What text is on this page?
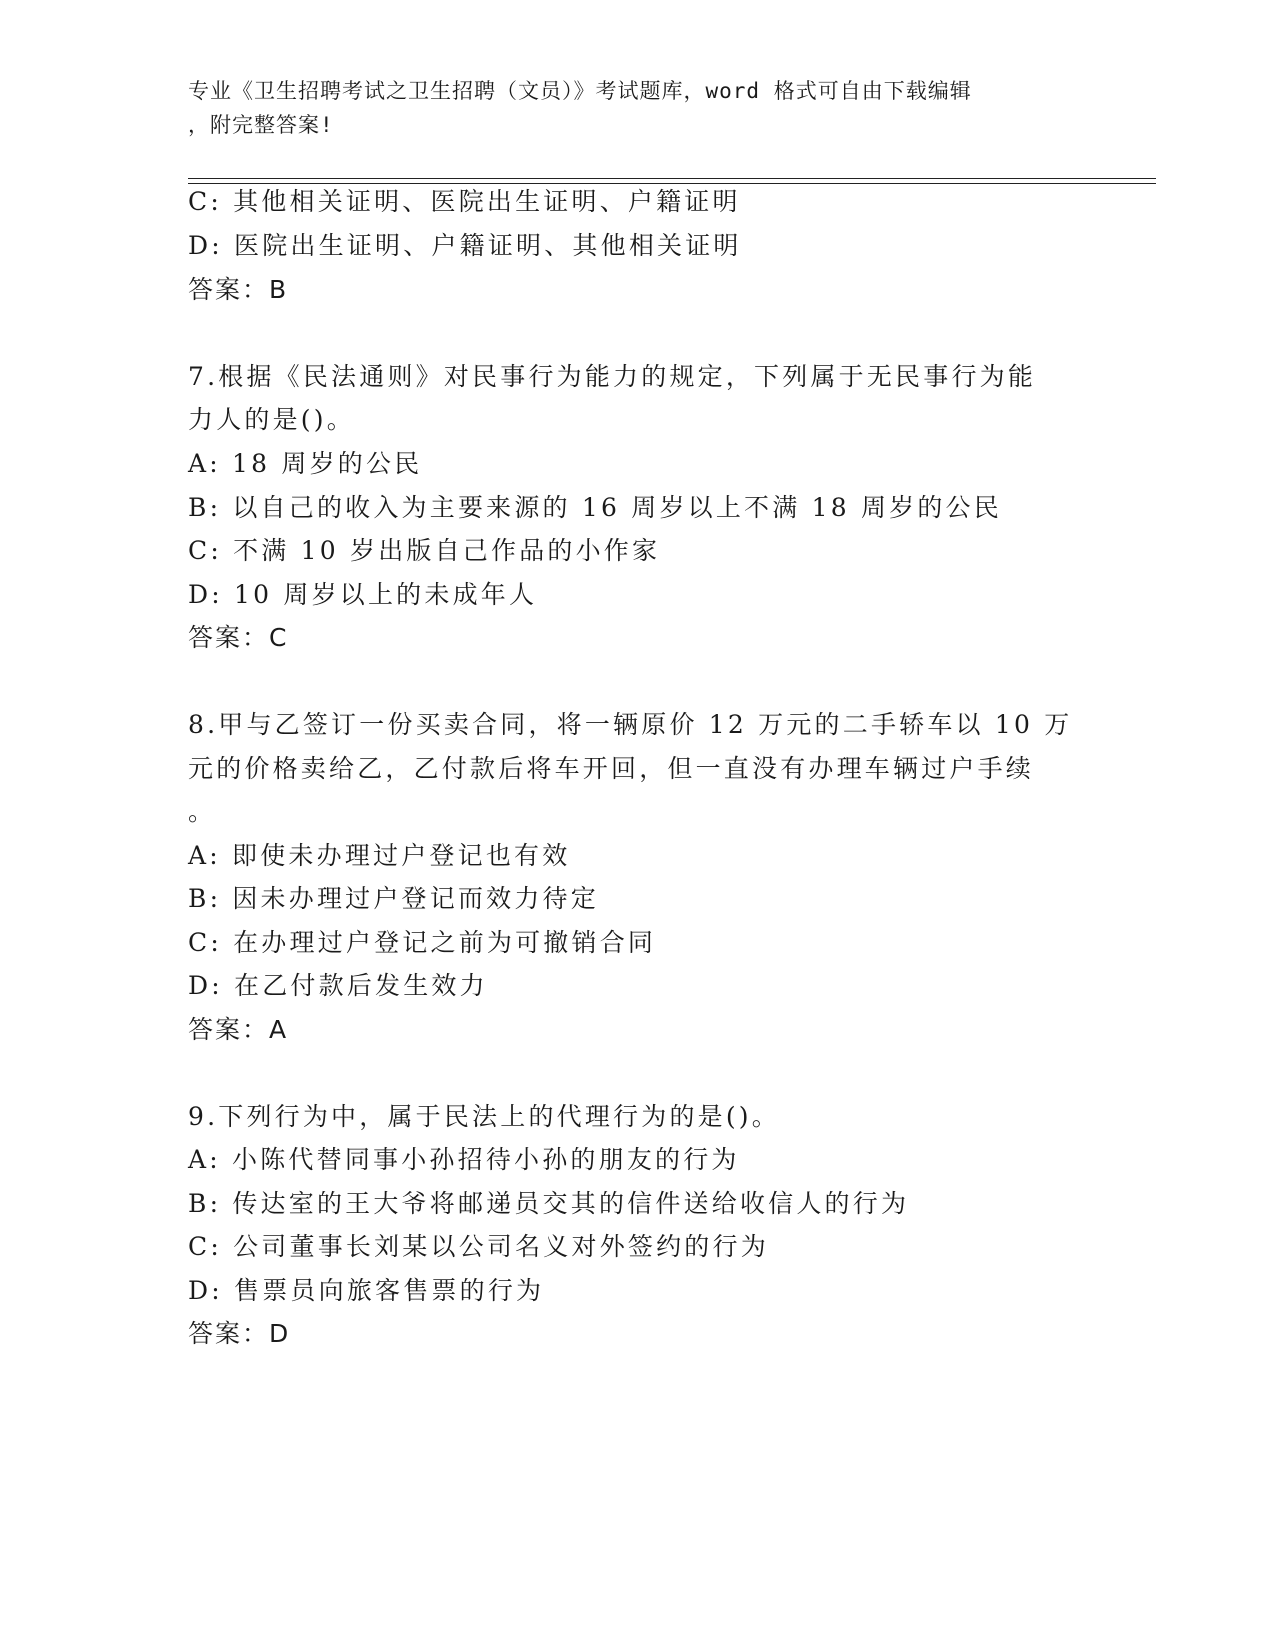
专业《卫生招聘考试之卫生招聘（文员）》考试题库，word 格式可自由下载编辑
，附完整答案!
C: 其他相关证明、医院出生证明、户籍证明
D: 医院出生证明、户籍证明、其他相关证明
答案：B
7.根据《民法通则》对民事行为能力的规定，下列属于无民事行为能
力人的是()。
A: 18 周岁的公民
B: 以自己的收入为主要来源的 16 周岁以上不满 18 周岁的公民
C: 不满 10 岁出版自己作品的小作家
D: 10 周岁以上的未成年人
答案：C
8.甲与乙签订一份买卖合同，将一辆原价 12 万元的二手轿车以 10 万
元的价格卖给乙，乙付款后将车开回，但一直没有办理车辆过户手续
。
A: 即使未办理过户登记也有效
B: 因未办理过户登记而效力待定
C: 在办理过户登记之前为可撤销合同
D: 在乙付款后发生效力
答案：A
9.下列行为中，属于民法上的代理行为的是()。
A: 小陈代替同事小孙招待小孙的朋友的行为
B: 传达室的王大爷将邮递员交其的信件送给收信人的行为
C: 公司董事长刘某以公司名义对外签约的行为
D: 售票员向旅客售票的行为
答案：D
